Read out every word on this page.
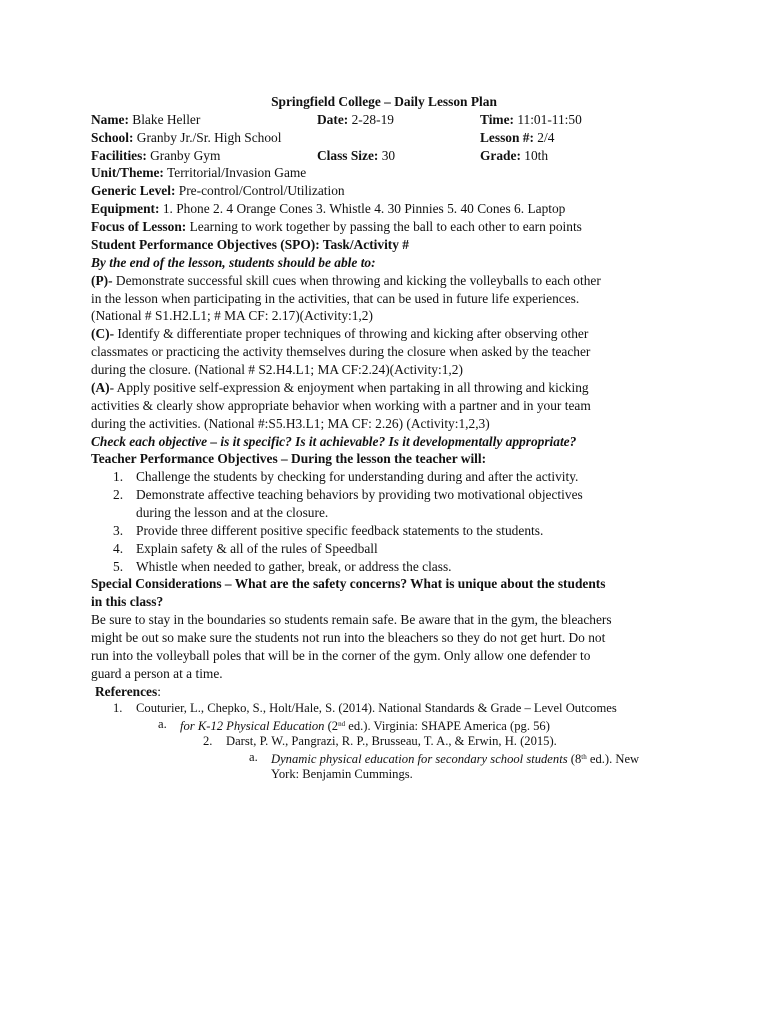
Springfield College – Daily Lesson Plan
Name: Blake Heller	Date: 2-28-19	Time: 11:01-11:50
School: Granby Jr./Sr. High School	Lesson #: 2/4
Facilities: Granby Gym	Class Size: 30	Grade: 10th
Unit/Theme: Territorial/Invasion Game
Generic Level: Pre-control/Control/Utilization
Equipment: 1. Phone 2. 4 Orange Cones 3. Whistle 4. 30 Pinnies 5. 40 Cones 6. Laptop
Focus of Lesson: Learning to work together by passing the ball to each other to earn points
Student Performance Objectives (SPO): Task/Activity #
By the end of the lesson, students should be able to:
(P)- Demonstrate successful skill cues when throwing and kicking the volleyballs to each other
in the lesson when participating in the activities, that can be used in future life experiences.
(National # S1.H2.L1; # MA CF: 2.17)(Activity:1,2)
(C)- Identify & differentiate proper techniques of throwing and kicking after observing other
classmates or practicing the activity themselves during the closure when asked by the teacher
during the closure. (National # S2.H4.L1; MA CF:2.24)(Activity:1,2)
(A)- Apply positive self-expression & enjoyment when partaking in all throwing and kicking
activities & clearly show appropriate behavior when working with a partner and in your team
during the activities. (National #:S5.H3.L1; MA CF: 2.26) (Activity:1,2,3)
Check each objective – is it specific? Is it achievable? Is it developmentally appropriate?
Teacher Performance Objectives – During the lesson the teacher will:
1. Challenge the students by checking for understanding during and after the activity.
2. Demonstrate affective teaching behaviors by providing two motivational objectives
during the lesson and at the closure.
3. Provide three different positive specific feedback statements to the students.
4. Explain safety & all of the rules of Speedball
5. Whistle when needed to gather, break, or address the class.
Special Considerations – What are the safety concerns? What is unique about the students
in this class?
Be sure to stay in the boundaries so students remain safe. Be aware that in the gym, the bleachers
might be out so make sure the students not run into the bleachers so they do not get hurt. Do not
run into the volleyball poles that will be in the corner of the gym. Only allow one defender to
guard a person at a time.
References:
1. Couturier, L., Chepko, S., Holt/Hale, S. (2014). National Standards & Grade – Level Outcomes
a. for K-12 Physical Education (2nd ed.). Virginia: SHAPE America (pg. 56)
2. Darst, P. W., Pangrazi, R. P., Brusseau, T. A., & Erwin, H. (2015).
a. Dynamic physical education for secondary school students (8th ed.). New
York: Benjamin Cummings.
